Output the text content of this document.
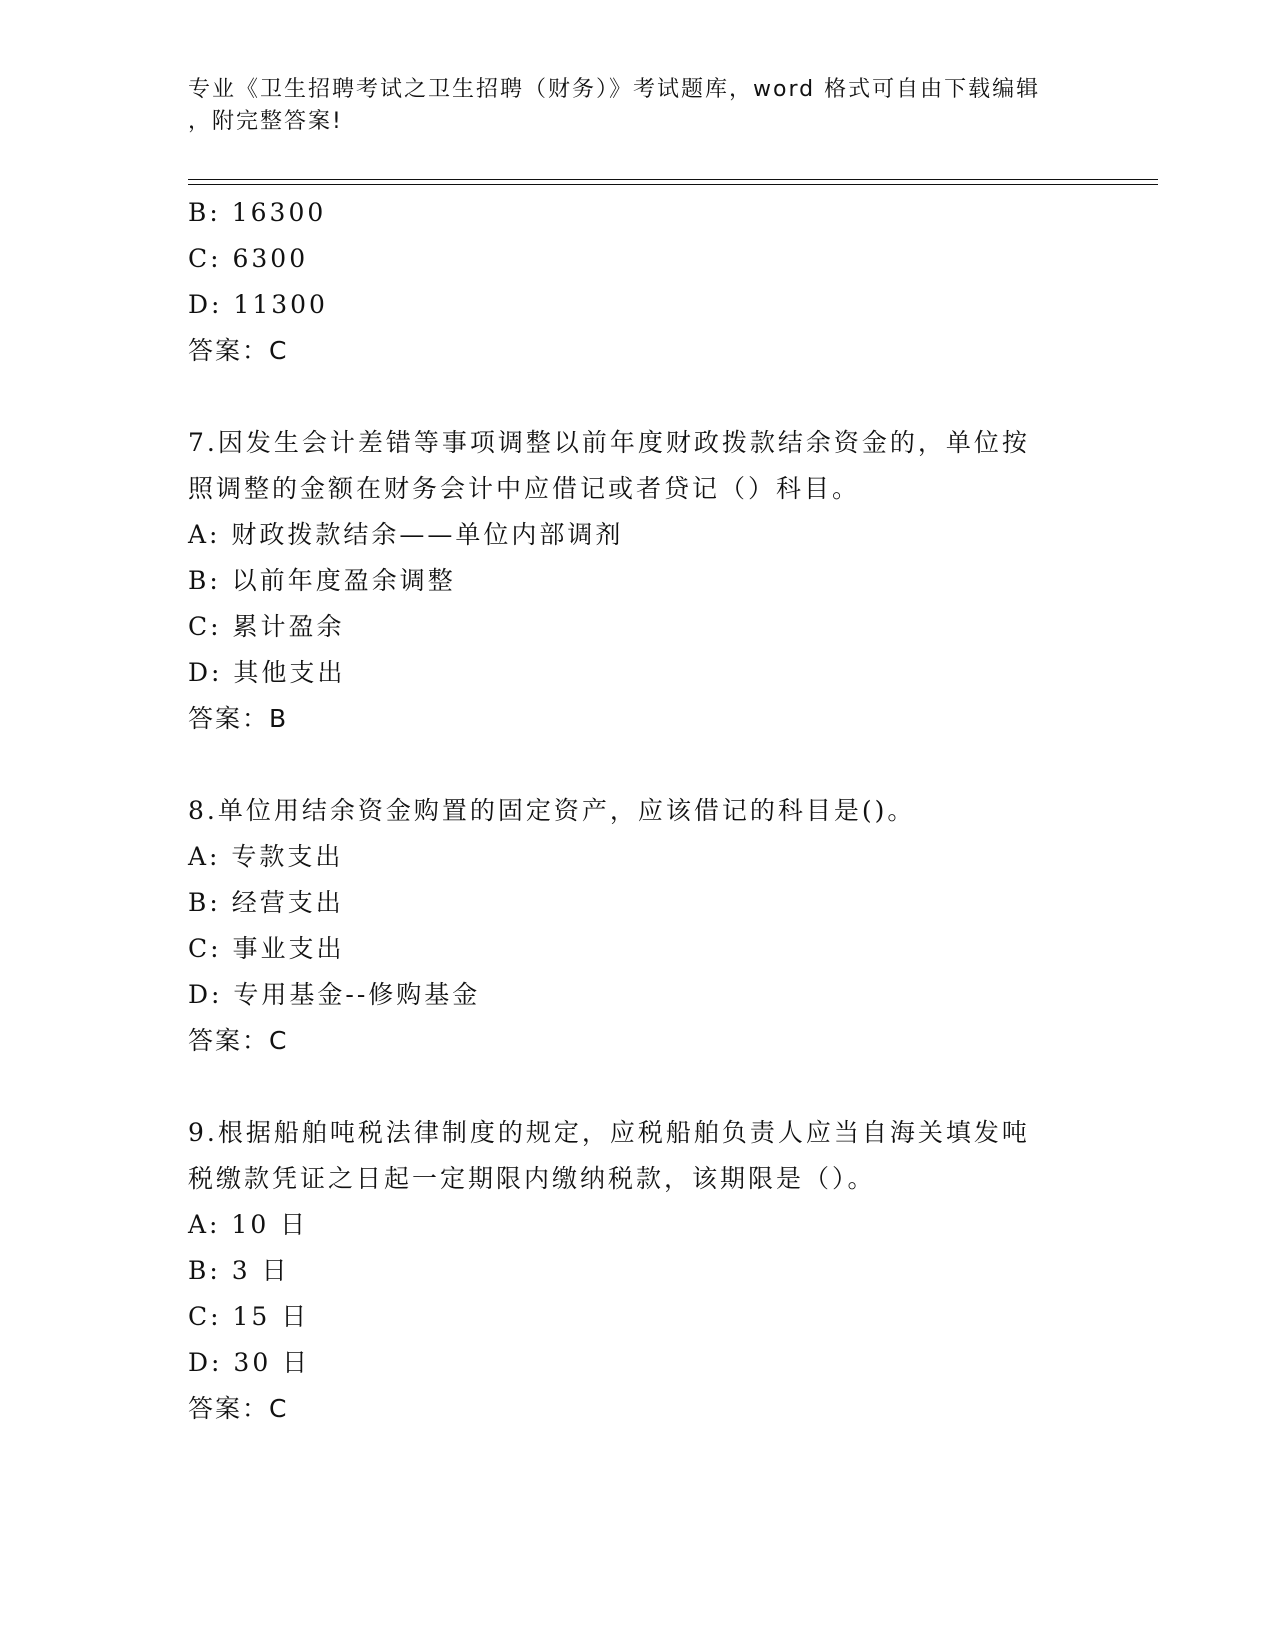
专业《卫生招聘考试之卫生招聘（财务）》考试题库，word 格式可自由下载编辑
，附完整答案!
B: 16300
C: 6300
D: 11300
答案：C
7.因发生会计差错等事项调整以前年度财政拨款结余资金的，单位按
照调整的金额在财务会计中应借记或者贷记（）科目。
A: 财政拨款结余——单位内部调剂
B: 以前年度盈余调整
C: 累计盈余
D: 其他支出
答案：B
8.单位用结余资金购置的固定资产，应该借记的科目是()。
A: 专款支出
B: 经营支出
C: 事业支出
D: 专用基金--修购基金
答案：C
9.根据船舶吨税法律制度的规定，应税船舶负责人应当自海关填发吨
税缴款凭证之日起一定期限内缴纳税款，该期限是（）。
A: 10 日
B: 3 日
C: 15 日
D: 30 日
答案：C
